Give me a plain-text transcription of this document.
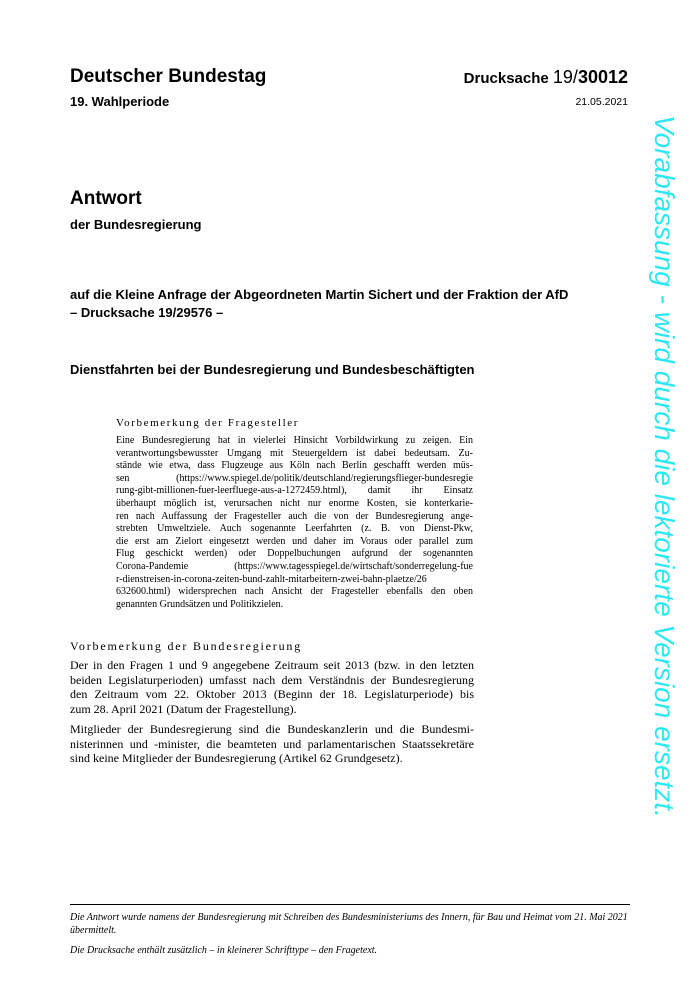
Deutscher Bundestag	Drucksache 19/30012
19. Wahlperiode	21.05.2021
Antwort
der Bundesregierung
auf die Kleine Anfrage der Abgeordneten Martin Sichert und der Fraktion der AfD
– Drucksache 19/29576 –
Dienstfahrten bei der Bundesregierung und Bundesbeschäftigten
Vorbemerkung der Fragesteller
Eine Bundesregierung hat in vielerlei Hinsicht Vorbildwirkung zu zeigen. Ein
verantwortungsbewusster Umgang mit Steuergeldern ist dabei bedeutsam. Zu-
stände wie etwa, dass Flugzeuge aus Köln nach Berlin geschafft werden müs-
sen (https://www.spiegel.de/politik/deutschland/regierungsflieger-bundesregie
rung-gibt-millionen-fuer-leerfluege-aus-a-1272459.html), damit ihr Einsatz
überhaupt möglich ist, verursachen nicht nur enorme Kosten, sie konterkarie-
ren nach Auffassung der Fragesteller auch die von der Bundesregierung ange-
strebten Umweltziele. Auch sogenannte Leerfahrten (z. B. von Dienst-Pkw,
die erst am Zielort eingesetzt werden und daher im Voraus oder parallel zum
Flug geschickt werden) oder Doppelbuchungen aufgrund der sogenannten
Corona-Pandemie (https://www.tagesspiegel.de/wirtschaft/sonderregelung-fue
r-dienstreisen-in-corona-zeiten-bund-zahlt-mitarbeitern-zwei-bahn-plaetze/26
632600.html) widersprechen nach Ansicht der Fragesteller ebenfalls den oben
genannten Grundsätzen und Politikzielen.
Vorbemerkung der Bundesregierung
Der in den Fragen 1 und 9 angegebene Zeitraum seit 2013 (bzw. in den letzten
beiden Legislaturperioden) umfasst nach dem Verständnis der Bundesregierung
den Zeitraum vom 22. Oktober 2013 (Beginn der 18. Legislaturperiode) bis
zum 28. April 2021 (Datum der Fragestellung).
Mitglieder der Bundesregierung sind die Bundeskanzlerin und die Bundesmi-
nisterinnen und -minister, die beamteten und parlamentarischen Staatssekretäre
sind keine Mitglieder der Bundesregierung (Artikel 62 Grundgesetz).
Die Antwort wurde namens der Bundesregierung mit Schreiben des Bundesministeriums des Innern, für Bau und Heimat vom 21. Mai 2021 übermittelt.
Die Drucksache enthält zusätzlich – in kleinerer Schrifttype – den Fragetext.
Vorabfassung - wird durch die lektorierte Version ersetzt.
